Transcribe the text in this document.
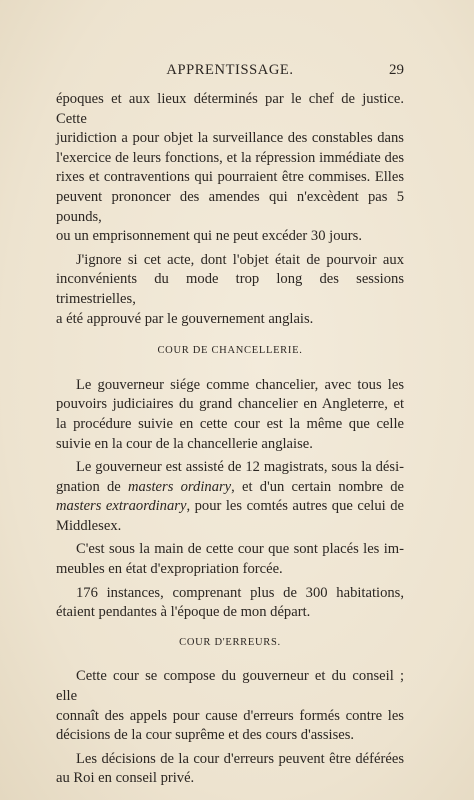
APPRENTISSAGE.	29

époques et aux lieux déterminés par le chef de justice. Cette
juridiction a pour objet la surveillance des constables dans
l'exercice de leurs fonctions, et la répression immédiate des
rixes et contraventions qui pourraient être commises. Elles
peuvent prononcer des amendes qui n'excèdent pas 5 pounds,
ou un emprisonnement qui ne peut excéder 30 jours.

J'ignore si cet acte, dont l'objet était de pourvoir aux
inconvénients du mode trop long des sessions trimestrielles,
a été approuvé par le gouvernement anglais.

COUR DE CHANCELLERIE.

Le gouverneur siége comme chancelier, avec tous les
pouvoirs judiciaires du grand chancelier en Angleterre, et
la procédure suivie en cette cour est la même que celle
suivie en la cour de la chancellerie anglaise.

Le gouverneur est assisté de 12 magistrats, sous la dési-
gnation de masters ordinary, et d'un certain nombre de
masters extraordinary, pour les comtés autres que celui de
Middlesex.

C'est sous la main de cette cour que sont placés les im-
meubles en état d'expropriation forcée.

176 instances, comprenant plus de 300 habitations,
étaient pendantes à l'époque de mon départ.

COUR D'ERREURS.

Cette cour se compose du gouverneur et du conseil ; elle
connaît des appels pour cause d'erreurs formés contre les
décisions de la cour suprême et des cours d'assises.

Les décisions de la cour d'erreurs peuvent être déférées
au Roi en conseil privé.
